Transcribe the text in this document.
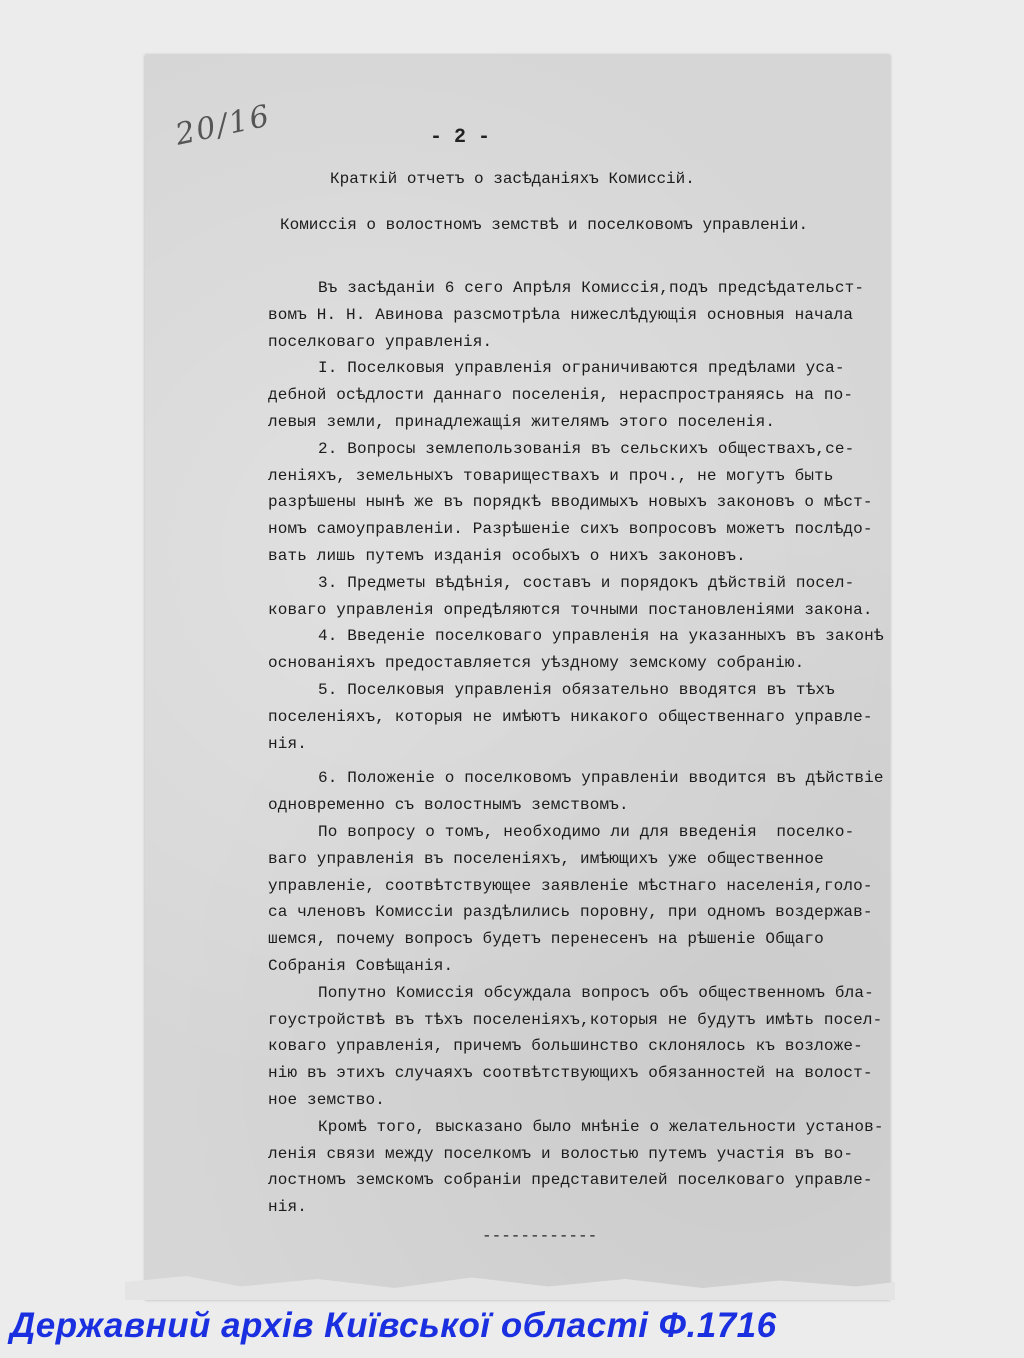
20/16	- 2 -
Краткій отчетъ о засѣданіяхъ Комиссій.
Комиссія о волостномъ земствѣ и поселковомъ управленіи.
Въ засѣданіи 6 сего Апрѣля Комиссія,подъ предсѣдательст-
вомъ Н. Н. Авинова разсмотрѣла нижеслѣдующія основныя начала
поселковаго управленія.
I. Поселковыя управленія ограничиваются предѣлами уса-
дебной осѣдлости даннаго поселенія, нераспространяясь на по-
левыя земли, принадлежащія жителямъ этого поселенія.
2. Вопросы землепользованія въ сельскихъ обществахъ,се-
леніяхъ, земельныхъ товариществахъ и проч., не могутъ быть
разрѣшены нынѣ же въ порядкѣ вводимыхъ новыхъ законовъ о мѣст-
номъ самоуправленіи. Разрѣшеніе сихъ вопросовъ можетъ послѣдо-
вать лишь путемъ изданія особыхъ о нихъ законовъ.
3. Предметы вѣдѣнія, составъ и порядокъ дѣйствій посел-
коваго управленія опредѣляются точными постановленіями закона.
4. Введеніе поселковаго управленія на указанныхъ въ законѣ
основаніяхъ предоставляется уѣздному земскому собранію.
5. Поселковыя управленія обязательно вводятся въ тѣхъ
поселеніяхъ, которыя не имѣютъ никакого общественнаго управле-
нія.
6. Положеніе о поселковомъ управленіи вводится въ дѣйствіе
одновременно съ волостнымъ земствомъ.
По вопросу о томъ, необходимо ли для введенія  поселко-
ваго управленія въ поселеніяхъ, имѣющихъ уже общественное
управленіе, соотвѣтствующее заявленіе мѣстнаго населенія,голо-
са членовъ Комиссіи раздѣлились поровну, при одномъ воздержав-
шемся, почему вопросъ будетъ перенесенъ на рѣшеніе Общаго
Собранія Совѣщанія.
Попутно Комиссія обсуждала вопросъ объ общественномъ бла-
гоустройствѣ въ тѣхъ поселеніяхъ,которыя не будутъ имѣть посел-
коваго управленія, причемъ большинство склонялось къ возложе-
нію въ этихъ случаяхъ соотвѣтствующихъ обязанностей на волост-
ное земство.
Кромѣ того, высказано было мнѣніе о желательности установ-
ленія связи между поселкомъ и волостью путемъ участія въ во-
лостномъ земскомъ собраніи представителей поселковаго управле-
нія.
------------
Державний архів Київської області Ф.1716
